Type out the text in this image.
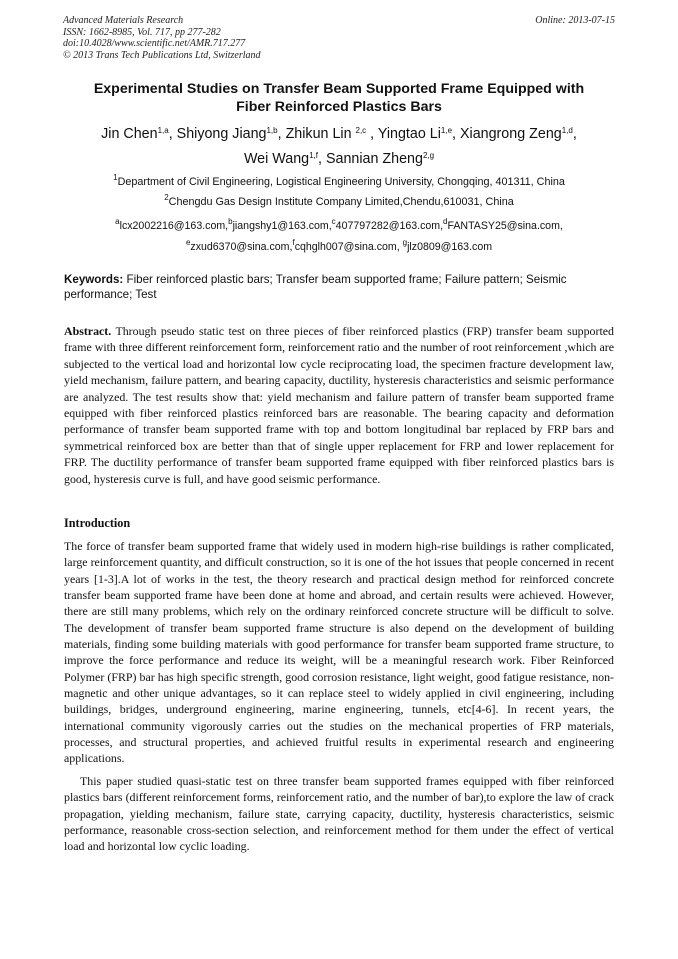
Advanced Materials Research
ISSN: 1662-8985, Vol. 717, pp 277-282
doi:10.4028/www.scientific.net/AMR.717.277
© 2013 Trans Tech Publications Ltd, Switzerland
Online: 2013-07-15
Experimental Studies on Transfer Beam Supported Frame Equipped with
Fiber Reinforced Plastics Bars
Jin Chen$^{1,a}$, Shiyong Jiang$^{1,b}$, Zhikun Lin $^{2,c}$ , Yingtao Li$^{1,e}$, Xiangrong Zeng$^{1,d}$,
Wei Wang$^{1,f}$, Sannian Zheng$^{2,g}$
$^1$Department of Civil Engineering, Logistical Engineering University, Chongqing, 401311, China
$^2$Chengdu Gas Design Institute Company Limited,Chendu,610031, China
$^a$lcx2002216@163.com,$^b$jiangshy1@163.com,$^c$407797282@163.com,$^d$FANTASY25@sina.com,
$^e$zxud6370@sina.com,$^f$cqhglh007@sina.com, $^g$jlz0809@163.com
Keywords: Fiber reinforced plastic bars; Transfer beam supported frame; Failure pattern; Seismic performance; Test
Abstract. Through pseudo static test on three pieces of fiber reinforced plastics (FRP) transfer beam supported frame with three different reinforcement form, reinforcement ratio and the number of root reinforcement ,which are subjected to the vertical load and horizontal low cycle reciprocating load, the specimen fracture development law, yield mechanism, failure pattern, and bearing capacity, ductility, hysteresis characteristics and seismic performance are analyzed. The test results show that: yield mechanism and failure pattern of transfer beam supported frame equipped with fiber reinforced plastics reinforced bars are reasonable. The bearing capacity and deformation performance of transfer beam supported frame with top and bottom longitudinal bar replaced by FRP bars and symmetrical reinforced box are better than that of single upper replacement for FRP and lower replacement for FRP. The ductility performance of transfer beam supported frame equipped with fiber reinforced plastics bars is good, hysteresis curve is full, and have good seismic performance.
Introduction
The force of transfer beam supported frame that widely used in modern high-rise buildings is rather complicated, large reinforcement quantity, and difficult construction, so it is one of the hot issues that people concerned in recent years [1-3].A lot of works in the test, the theory research and practical design method for reinforced concrete transfer beam supported frame have been done at home and abroad, and certain results were achieved. However, there are still many problems, which rely on the ordinary reinforced concrete structure will be difficult to solve. The development of transfer beam supported frame structure is also depend on the development of building materials, finding some building materials with good performance for transfer beam supported frame structure, to improve the force performance and reduce its weight, will be a meaningful research work. Fiber Reinforced Polymer (FRP) bar has high specific strength, good corrosion resistance, light weight, good fatigue resistance, non-magnetic and other unique advantages, so it can replace steel to widely applied in civil engineering, including buildings, bridges, underground engineering, marine engineering, tunnels, etc[4-6]. In recent years, the international community vigorously carries out the studies on the mechanical properties of FRP materials, processes, and structural properties, and achieved fruitful results in experimental research and engineering applications.
This paper studied quasi-static test on three transfer beam supported frames equipped with fiber reinforced plastics bars (different reinforcement forms, reinforcement ratio, and the number of bar),to explore the law of crack propagation, yielding mechanism, failure state, carrying capacity, ductility, hysteresis characteristics, seismic performance, reasonable cross-section selection, and reinforcement method for them under the effect of vertical load and horizontal low cyclic loading.
